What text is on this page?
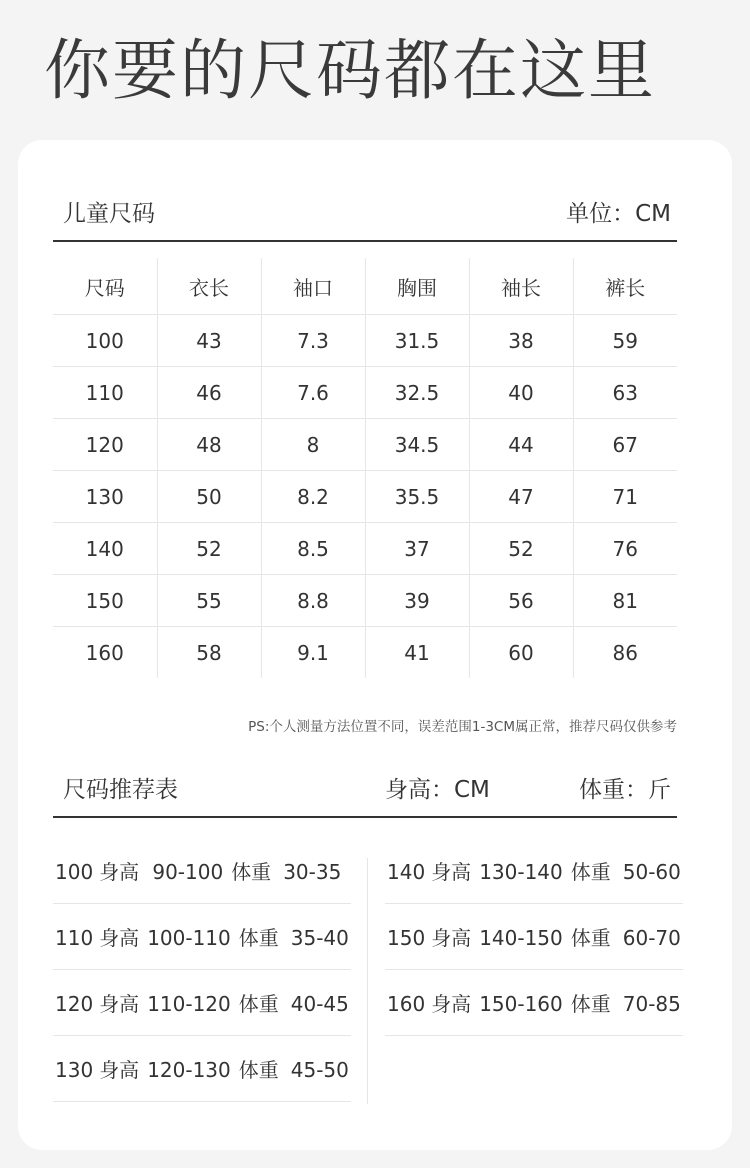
你要的尺码都在这里
儿童尺码	单位：CM
尺码	衣长	袖口	胸围	袖长	裤长
100	43	7.3	31.5	38	59
110	46	7.6	32.5	40	63
120	48	8	34.5	44	67
130	50	8.2	35.5	47	71
140	52	8.5	37	52	76
150	55	8.8	39	56	81
160	58	9.1	41	60	86
PS:个人测量方法位置不同，误差范围1-3CM属正常，推荐尺码仅供参考
尺码推荐表	身高：CM	体重：斤
100 身高 90-100 体重 30-35
110 身高 100-110 体重 35-40
120 身高 110-120 体重 40-45
130 身高 120-130 体重 45-50
140 身高 130-140 体重 50-60
150 身高 140-150 体重 60-70
160 身高 150-160 体重 70-85
